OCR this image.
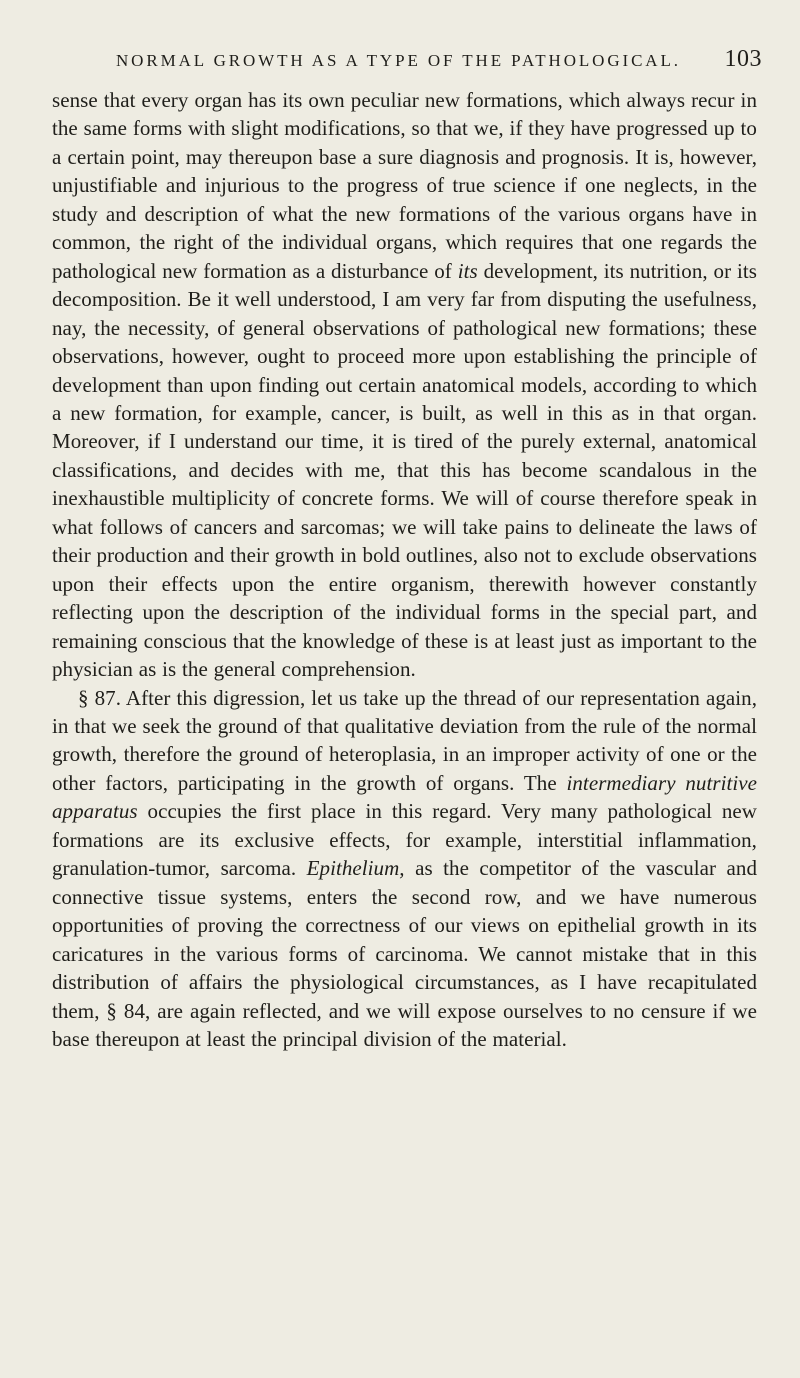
NORMAL GROWTH AS A TYPE OF THE PATHOLOGICAL. 103

sense that every organ has its own peculiar new formations, which always recur in the same forms with slight modifications, so that we, if they have progressed up to a certain point, may thereupon base a sure diagnosis and prognosis. It is, however, unjustifiable and injurious to the progress of true science if one neglects, in the study and description of what the new formations of the various organs have in common, the right of the individual organs, which requires that one regards the pathological new formation as a disturbance of its development, its nutrition, or its decomposition. Be it well understood, I am very far from disputing the usefulness, nay, the necessity, of general observations of pathological new formations; these observations, however, ought to proceed more upon establishing the principle of development than upon finding out certain anatomical models, according to which a new formation, for example, cancer, is built, as well in this as in that organ. Moreover, if I understand our time, it is tired of the purely external, anatomical classifications, and decides with me, that this has become scandalous in the inexhaustible multiplicity of concrete forms. We will of course therefore speak in what follows of cancers and sarcomas; we will take pains to delineate the laws of their production and their growth in bold outlines, also not to exclude observations upon their effects upon the entire organism, therewith however constantly reflecting upon the description of the individual forms in the special part, and remaining conscious that the knowledge of these is at least just as important to the physician as is the general comprehension.

§ 87. After this digression, let us take up the thread of our representation again, in that we seek the ground of that qualitative deviation from the rule of the normal growth, therefore the ground of heteroplasia, in an improper activity of one or the other factors, participating in the growth of organs. The intermediary nutritive apparatus occupies the first place in this regard. Very many pathological new formations are its exclusive effects, for example, interstitial inflammation, granulation-tumor, sarcoma. Epithelium, as the competitor of the vascular and connective tissue systems, enters the second row, and we have numerous opportunities of proving the correctness of our views on epithelial growth in its caricatures in the various forms of carcinoma. We cannot mistake that in this distribution of affairs the physiological circumstances, as I have recapitulated them, § 84, are again reflected, and we will expose ourselves to no censure if we base thereupon at least the principal division of the material.
